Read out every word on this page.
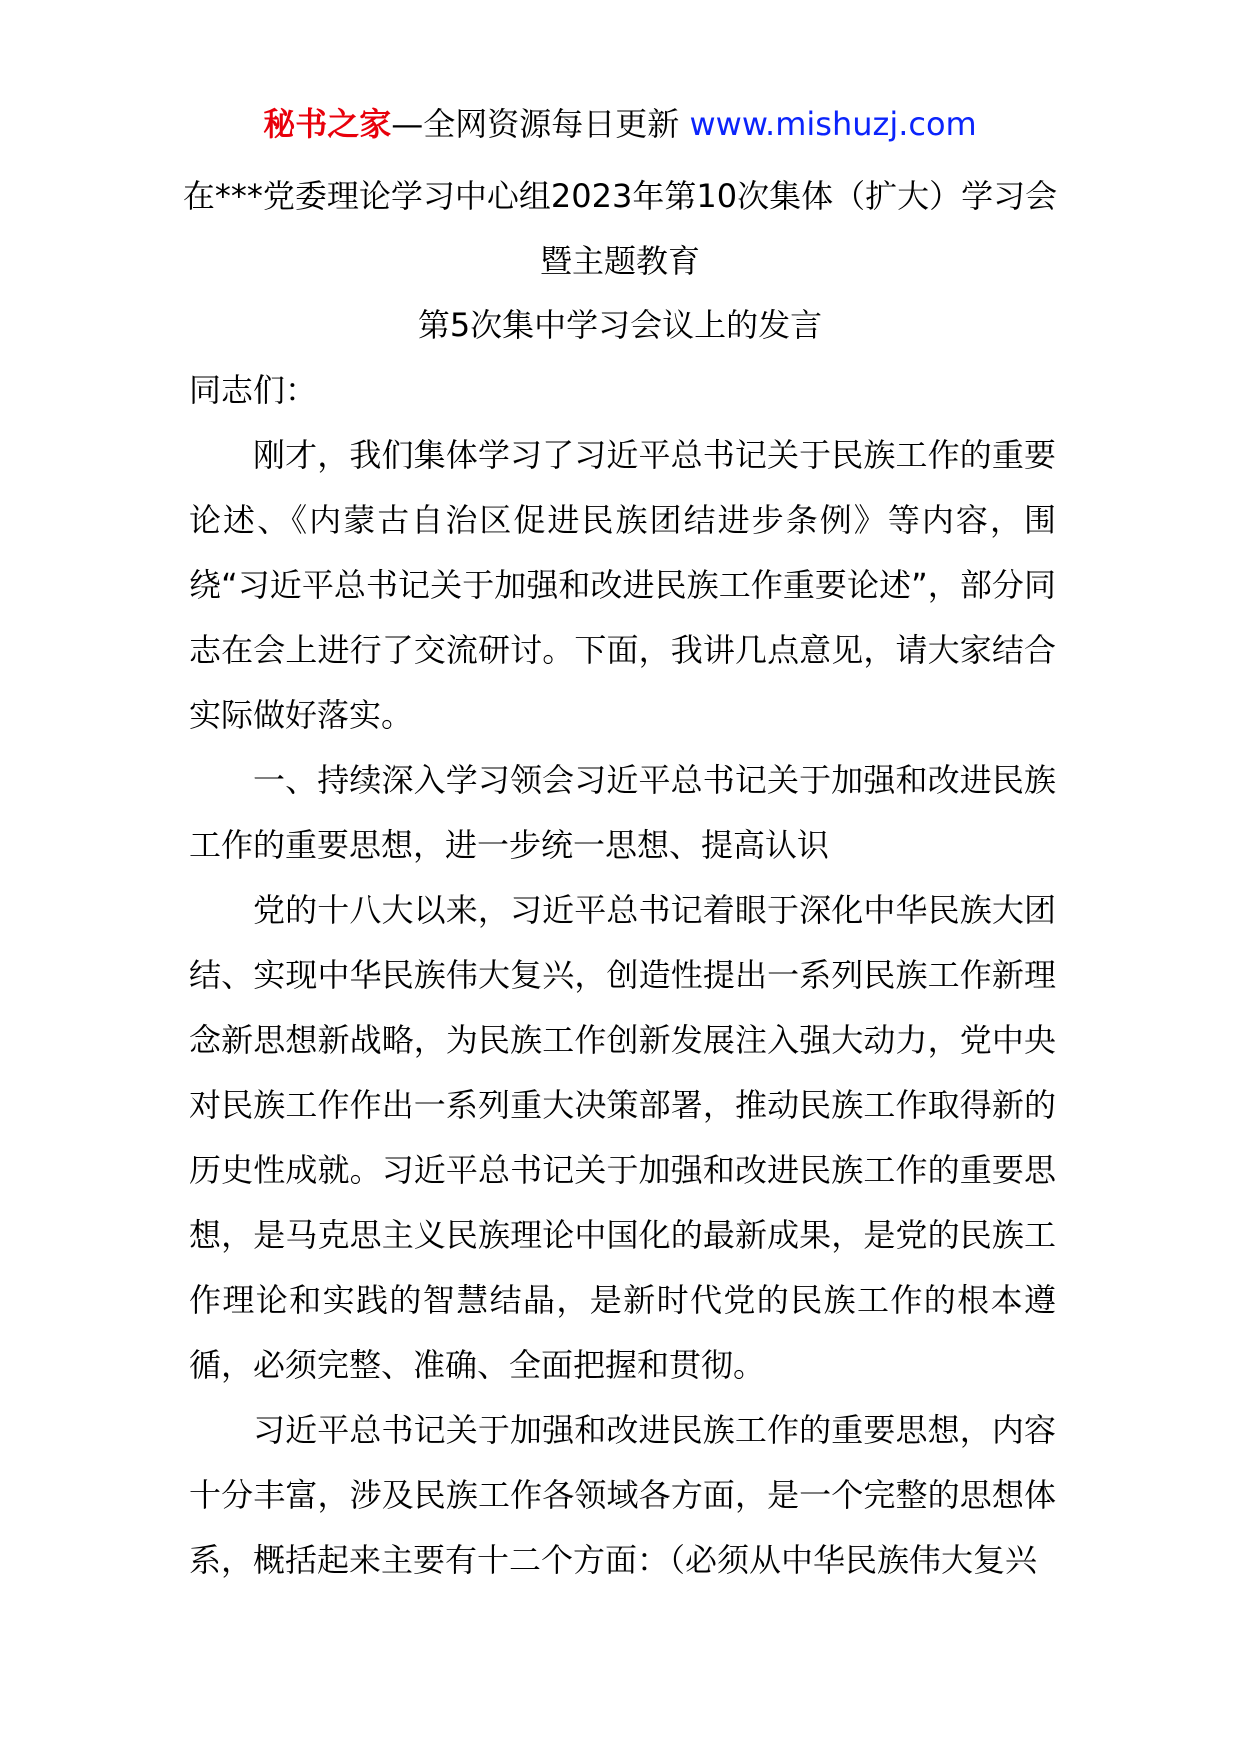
秘书之家—全网资源每日更新 www.mishuzj.com
在***党委理论学习中心组2023年第10次集体（扩大）学习会
暨主题教育
第5次集中学习会议上的发言

同志们：

刚才，我们集体学习了习近平总书记关于民族工作的重要论述、《内蒙古自治区促进民族团结进步条例》等内容，围绕“习近平总书记关于加强和改进民族工作重要论述”，部分同志在会上进行了交流研讨。下面，我讲几点意见，请大家结合实际做好落实。

一、持续深入学习领会习近平总书记关于加强和改进民族工作的重要思想，进一步统一思想、提高认识

党的十八大以来，习近平总书记着眼于深化中华民族大团结、实现中华民族伟大复兴，创造性提出一系列民族工作新理念新思想新战略，为民族工作创新发展注入强大动力，党中央对民族工作作出一系列重大决策部署，推动民族工作取得新的历史性成就。习近平总书记关于加强和改进民族工作的重要思想，是马克思主义民族理论中国化的最新成果，是党的民族工作理论和实践的智慧结晶，是新时代党的民族工作的根本遵循，必须完整、准确、全面把握和贯彻。

习近平总书记关于加强和改进民族工作的重要思想，内容十分丰富，涉及民族工作各领域各方面，是一个完整的思想体系，概括起来主要有十二个方面：（必须从中华民族伟大复兴
